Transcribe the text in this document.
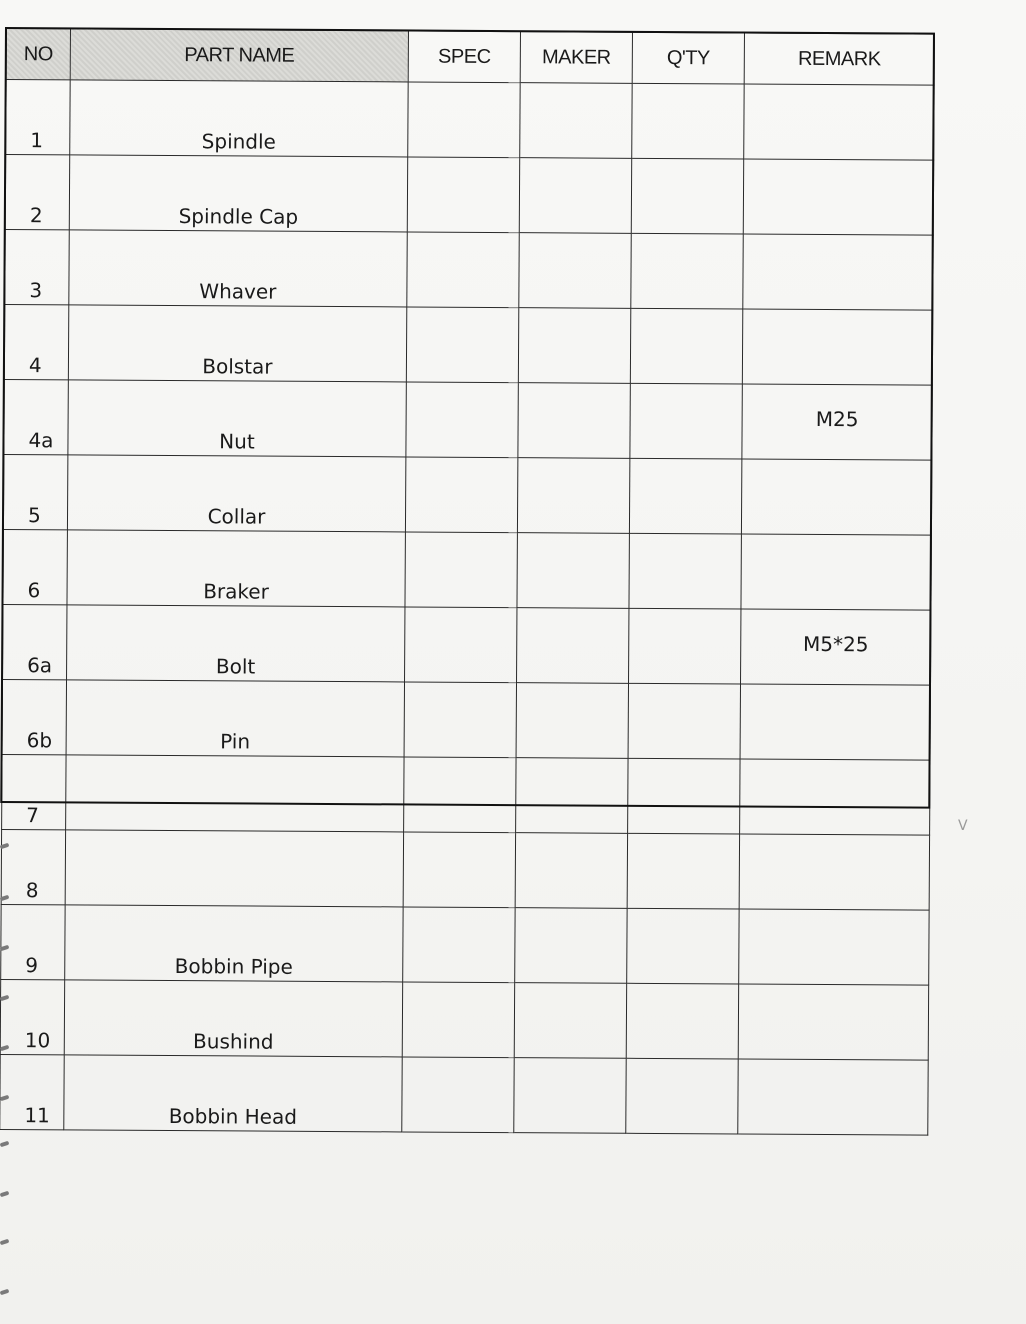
NO	PART NAME	SPEC	MAKER	Q'TY	REMARK
1	Spindle				
2	Spindle Cap				
3	Whaver				
4	Bolstar				
4a	Nut				M25
5	Collar				
6	Braker				
6a	Bolt				M5*25
6b	Pin				
7					
8					
9	Bobbin Pipe				
10	Bushind				
11	Bobbin Head				
V
